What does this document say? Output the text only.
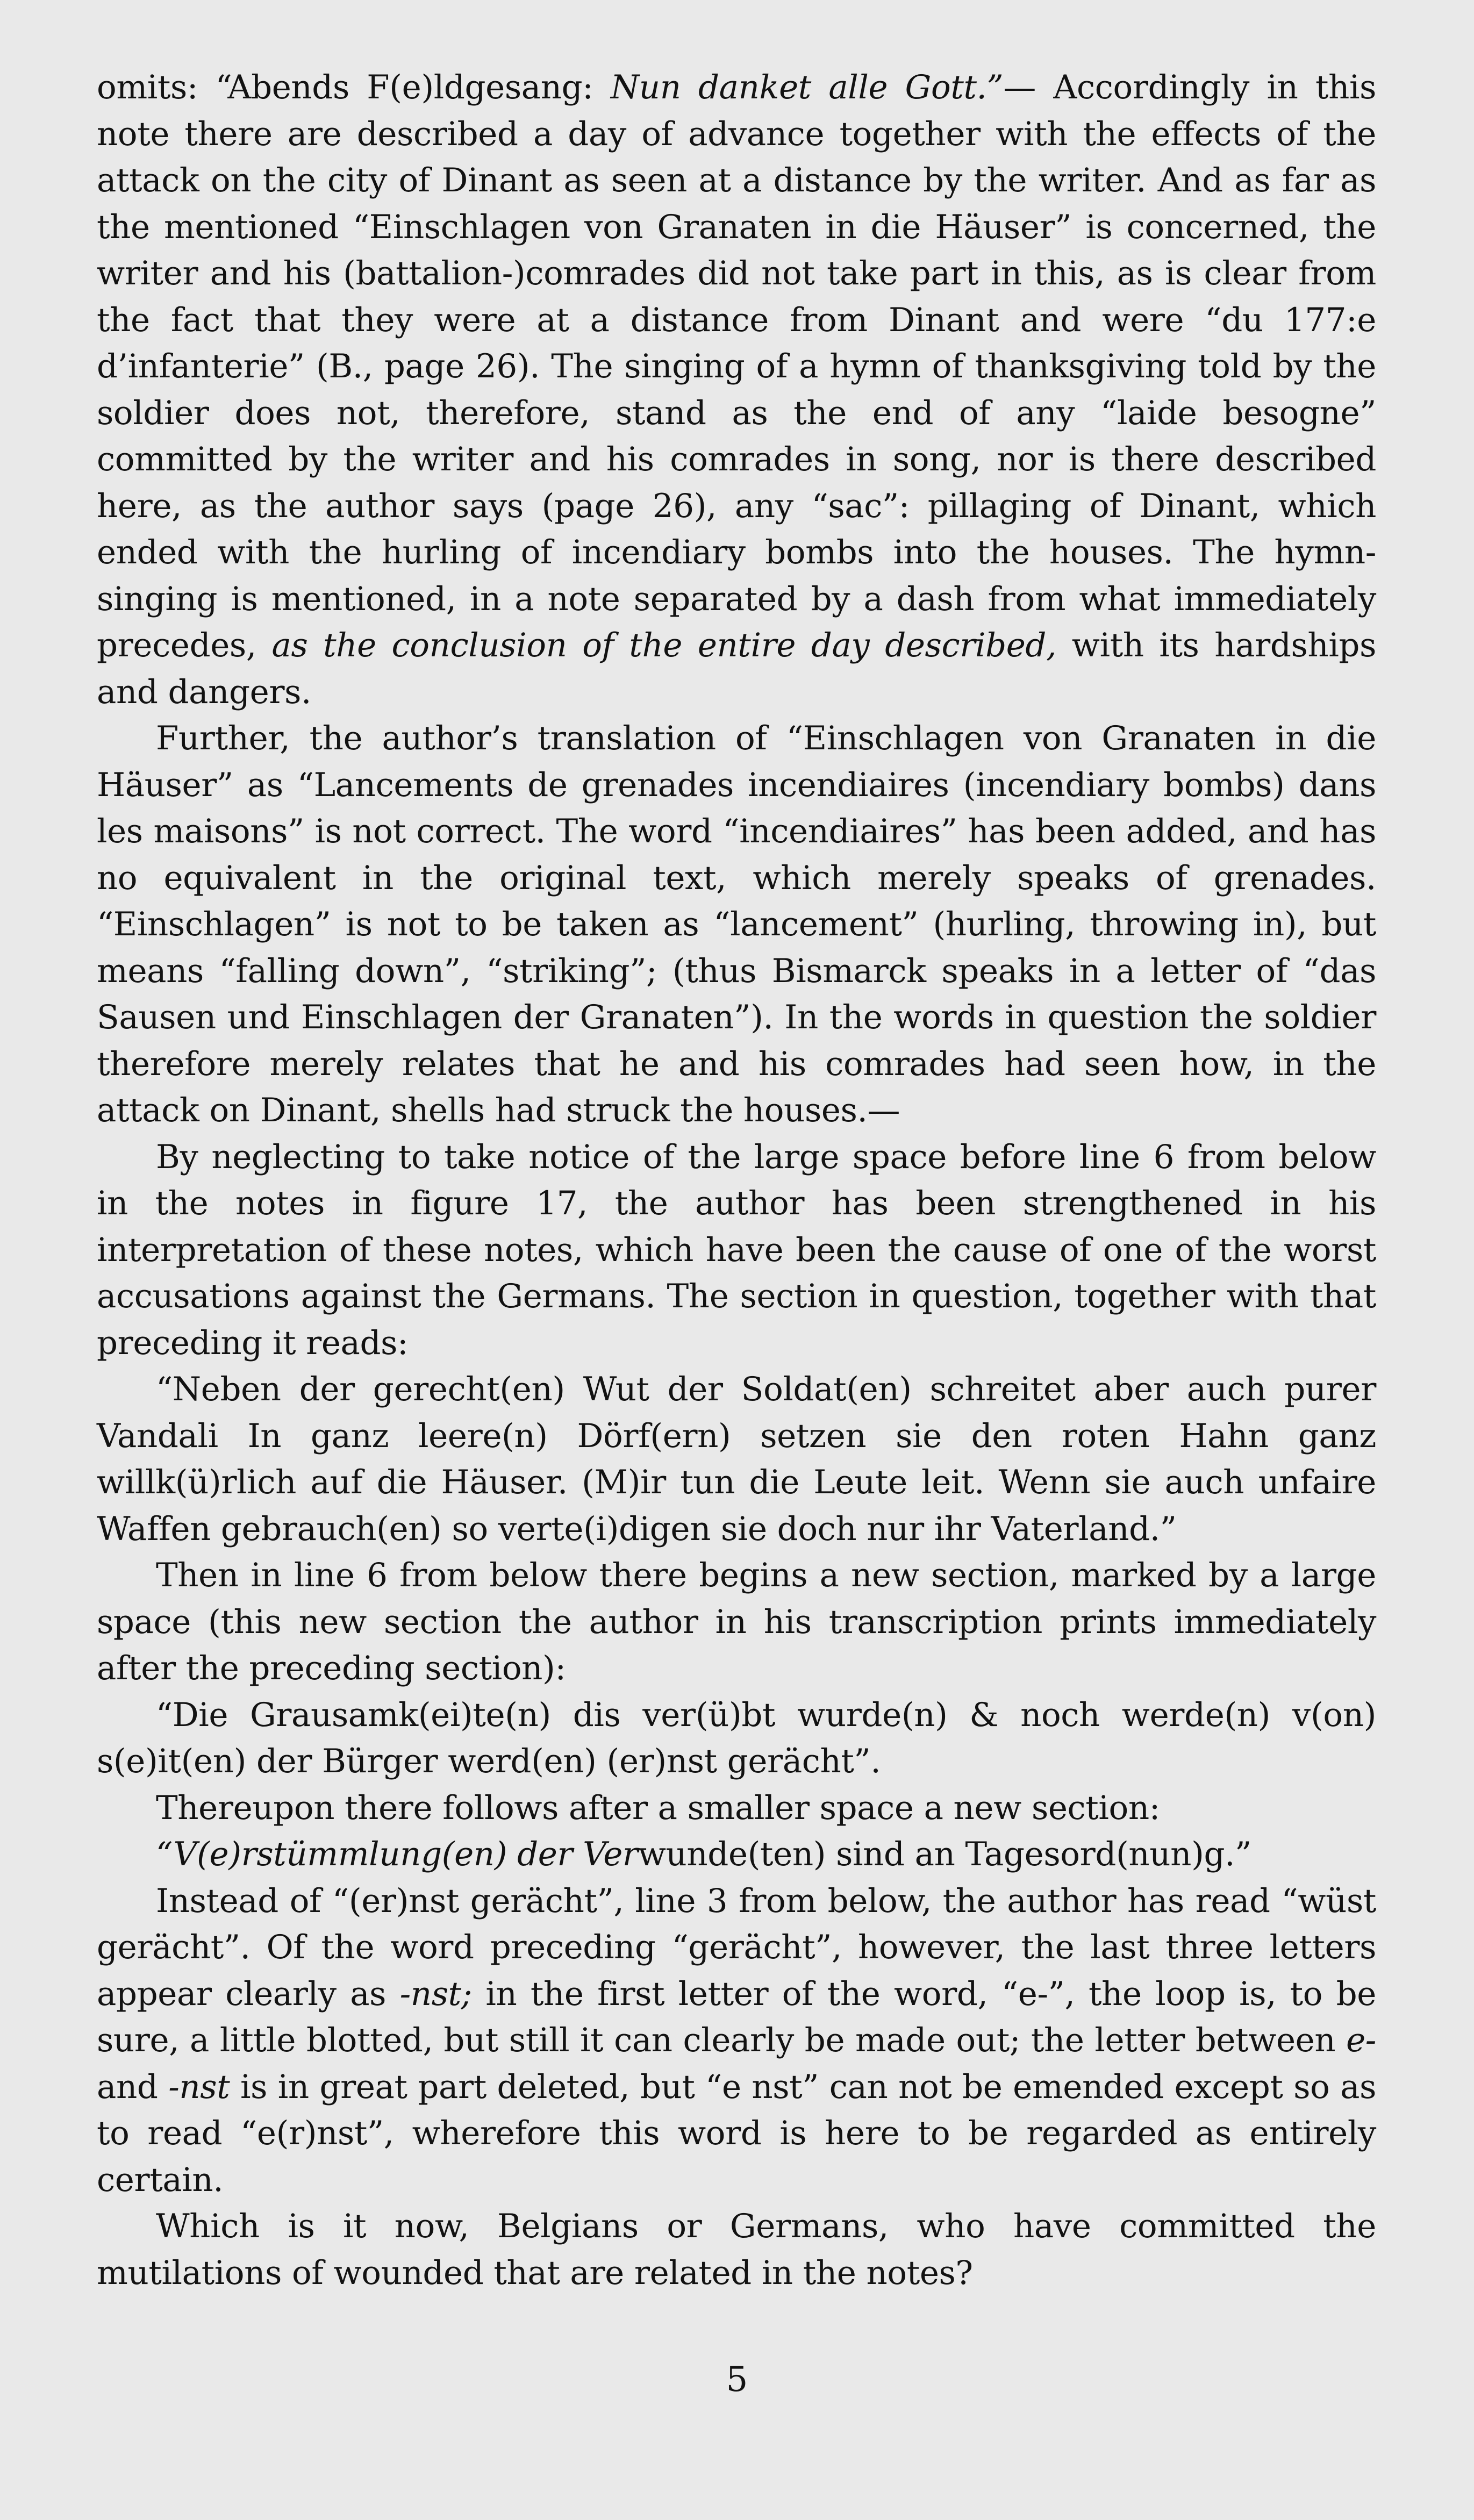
omits: “Abends F(e)ldgesang: Nun danket alle Gott.”— Accordingly in this note there are described a day of advance together with the effects of the attack on the city of Dinant as seen at a distance by the writer. And as far as the mentioned “Einschlagen von Granaten in die Häuser” is concerned, the writer and his (battalion-)comrades did not take part in this, as is clear from the fact that they were at a distance from Dinant and were “du 177:e d’infanterie” (B., page 26). The singing of a hymn of thanksgiving told by the soldier does not, therefore, stand as the end of any “laide besogne” committed by the writer and his comrades in song, nor is there described here, as the author says (page 26), any “sac”: pillaging of Dinant, which ended with the hurling of incendiary bombs into the houses. The hymn-singing is mentioned, in a note separated by a dash from what immediately precedes, as the conclusion of the entire day described, with its hardships and dangers.

Further, the author’s translation of “Einschlagen von Granaten in die Häuser” as “Lancements de grenades incendiaires (incendiary bombs) dans les maisons” is not correct. The word “incendiaires” has been added, and has no equivalent in the original text, which merely speaks of grenades. “Einschlagen” is not to be taken as “lancement” (hurling, throwing in), but means “falling down”, “striking”; (thus Bismarck speaks in a letter of “das Sausen und Einschlagen der Granaten”). In the words in question the soldier therefore merely relates that he and his comrades had seen how, in the attack on Dinant, shells had struck the houses.—

By neglecting to take notice of the large space before line 6 from below in the notes in figure 17, the author has been strengthened in his interpretation of these notes, which have been the cause of one of the worst accusations against the Germans. The section in question, together with that preceding it reads:

“Neben der gerecht(en) Wut der Soldat(en) schreitet aber auch purer Vandali In ganz leere(n) Dörf(ern) setzen sie den roten Hahn ganz willk(ü)rlich auf die Häuser. (M)ir tun die Leute leit. Wenn sie auch unfaire Waffen gebrauch(en) so verte(i)digen sie doch nur ihr Vaterland.”

Then in line 6 from below there begins a new section, marked by a large space (this new section the author in his transcription prints immediately after the preceding section):

“Die Grausamk(ei)te(n) dis ver(ü)bt wurde(n) & noch werde(n) v(on) s(e)it(en) der Bürger werd(en) (er)nst gerächt”.

Thereupon there follows after a smaller space a new section:

“V(e)rstümmlung(en) der Verwunde(ten) sind an Tagesord(nun)g.”

Instead of “(er)nst gerächt”, line 3 from below, the author has read “wüst gerächt”. Of the word preceding “gerächt”, however, the last three letters appear clearly as -nst; in the first letter of the word, “e-”, the loop is, to be sure, a little blotted, but still it can clearly be made out; the letter between e- and -nst is in great part deleted, but “e nst” can not be emended except so as to read “e(r)nst”, wherefore this word is here to be regarded as entirely certain.

Which is it now, Belgians or Germans, who have committed the mutilations of wounded that are related in the notes?

5
